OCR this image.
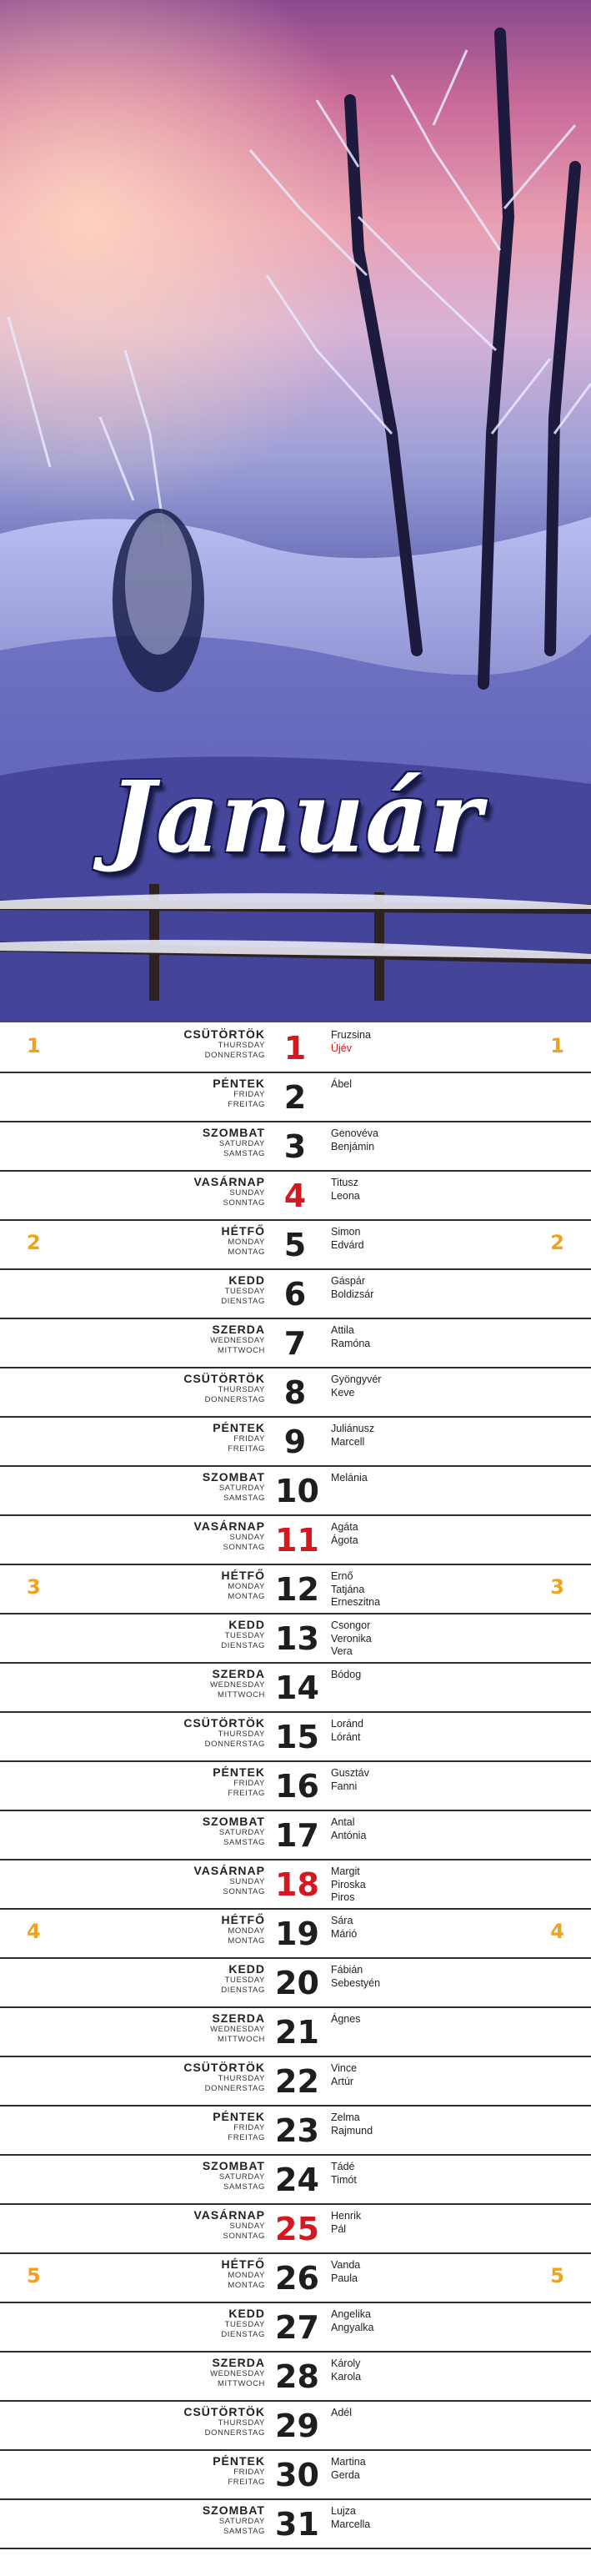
Január
1	1
CSÜTÖRTÖK
THURSDAY
DONNERSTAG 1	Fruzsina
Újév
PÉNTEK
FRIDAY
FREITAG 2	Ábel
SZOMBAT
SATURDAY
SAMSTAG 3	Genovéva
Benjámin
VASÁRNAP
SUNDAY
SONNTAG 4	Titusz
Leona
2	2
HÉTFŐ
MONDAY
MONTAG 5	Simon
Edvárd
KEDD
TUESDAY
DIENSTAG 6	Gáspár
Boldizsár
SZERDA
WEDNESDAY
MITTWOCH 7	Attila
Ramóna
CSÜTÖRTÖK
THURSDAY
DONNERSTAG 8	Gyöngyvér
Keve
PÉNTEK
FRIDAY
FREITAG 9	Juliánusz
Marcell
SZOMBAT
SATURDAY
SAMSTAG 10 Melánia
VASÁRNAP
SUNDAY
SONNTAG 11 Agáta
Ágota
3	3
HÉTFŐ
MONDAY
MONTAG 12 Ernő
Tatjána
Erneszitna
KEDD
TUESDAY
DIENSTAG 13 Csongor
Veronika
Vera
SZERDA
WEDNESDAY
MITTWOCH 14 Bódog
CSÜTÖRTÖK
THURSDAY
DONNERSTAG 15 Loránd
Lóránt
PÉNTEK
FRIDAY
FREITAG 16 Gusztáv
Fanni
SZOMBAT
SATURDAY
SAMSTAG 17 Antal
Antónia
VASÁRNAP
SUNDAY
SONNTAG 18 Margit
Piroska
Piros
4	4
HÉTFŐ
MONDAY
MONTAG 19 Sára
Márió
KEDD
TUESDAY
DIENSTAG 20 Fábián
Sebestyén
SZERDA
WEDNESDAY
MITTWOCH 21 Ágnes
CSÜTÖRTÖK
THURSDAY
DONNERSTAG 22 Vince
Artúr
PÉNTEK
FRIDAY
FREITAG 23 Zelma
Rajmund
SZOMBAT
SATURDAY
SAMSTAG 24 Tádé
Timót
VASÁRNAP
SUNDAY
SONNTAG 25 Henrik
Pál
5	5
HÉTFŐ
MONDAY
MONTAG 26 Vanda
Paula
KEDD
TUESDAY
DIENSTAG 27 Angelika
Angyalka
SZERDA
WEDNESDAY
MITTWOCH 28 Károly
Karola
CSÜTÖRTÖK
THURSDAY
DONNERSTAG 29 Adél
PÉNTEK
FRIDAY
FREITAG 30 Martina
Gerda
SZOMBAT
SATURDAY
SAMSTAG 31 Lujza
Marcella
